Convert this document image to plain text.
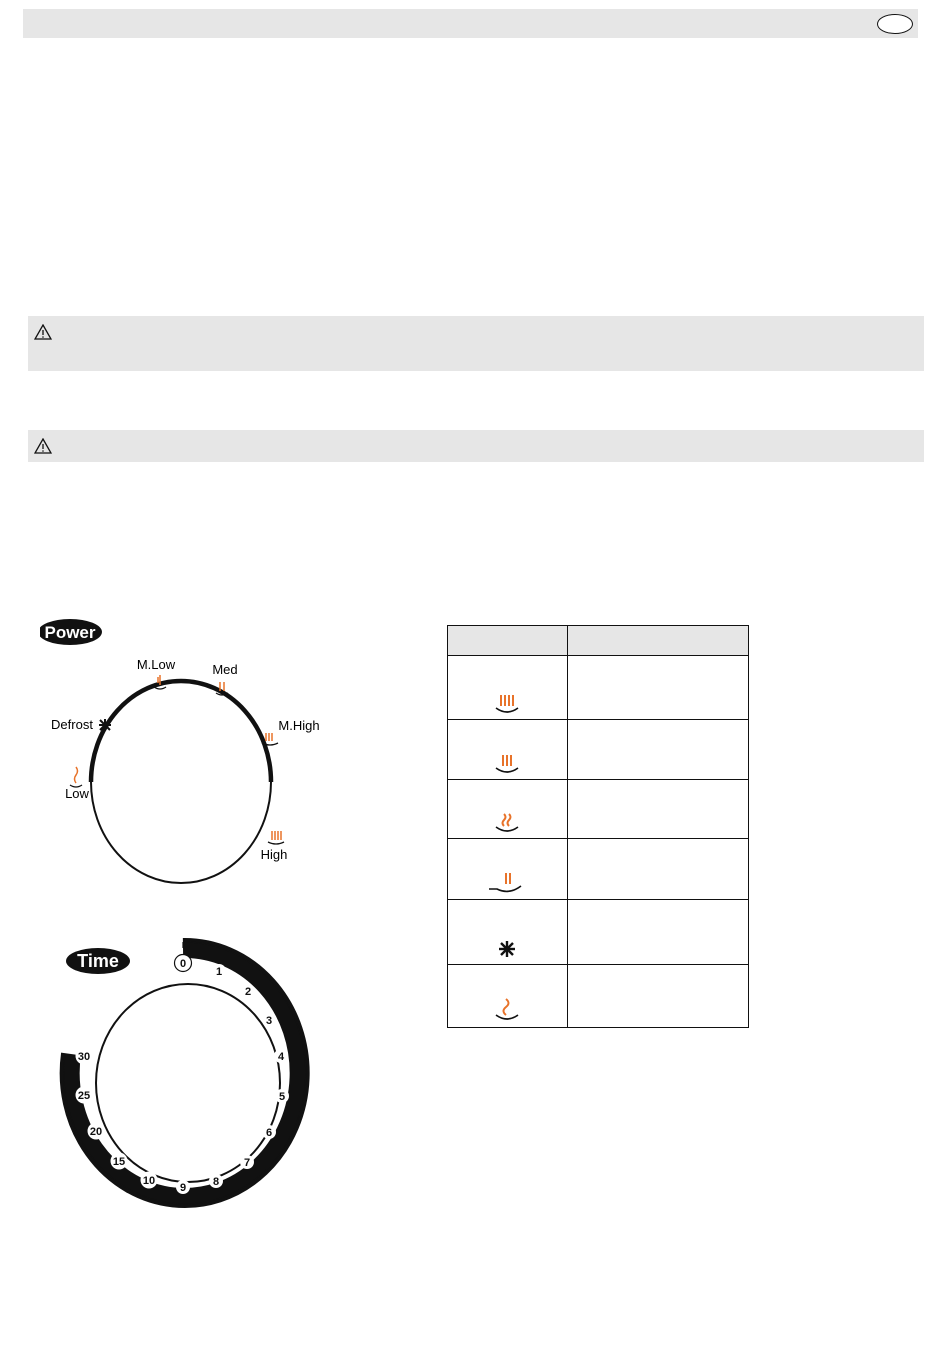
Power
M.Low	Med
Defrost	M.High
Low
High
Time	0
1
2
3
4
5
6
7
8
9
10
15
20
25
30
